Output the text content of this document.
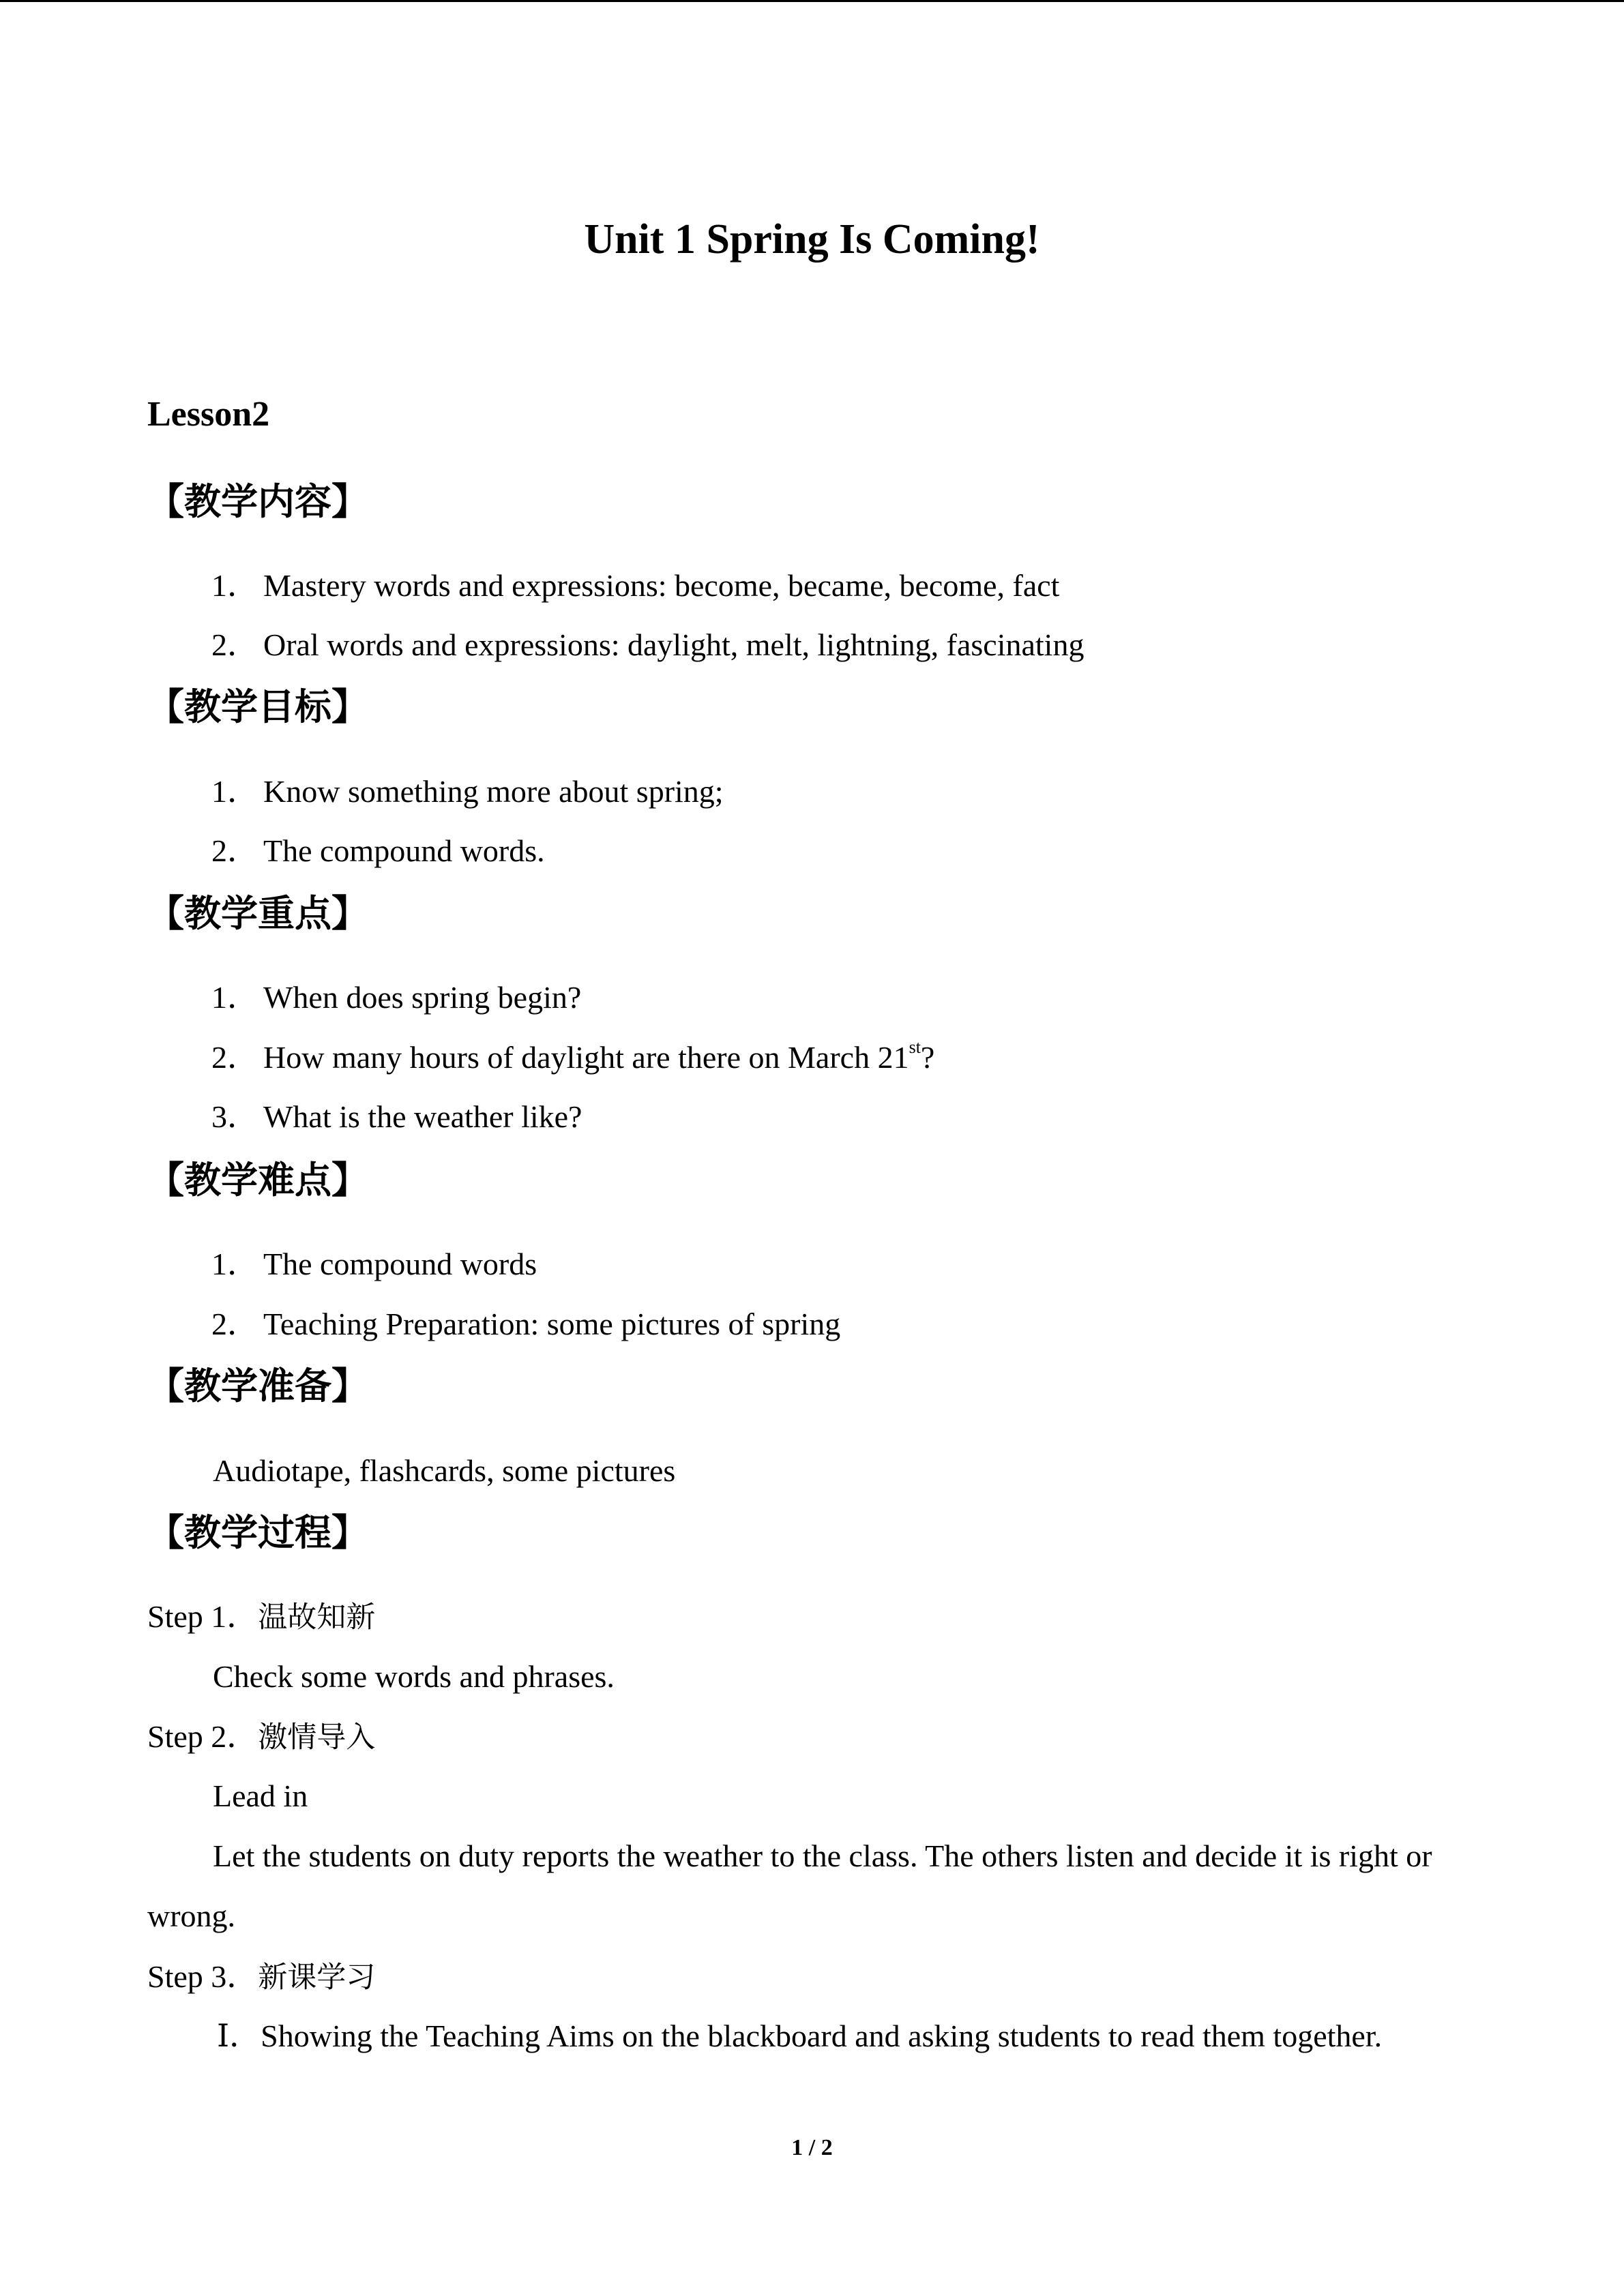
Unit 1 Spring Is Coming!
Lesson2
【教学内容】
1． Mastery words and expressions: become, became, become, fact
2． Oral words and expressions: daylight, melt, lightning, fascinating
【教学目标】
1． Know something more about spring;
2． The compound words.
【教学重点】
1． When does spring begin?
2． How many hours of daylight are there on March 21st?
3． What is the weather like?
【教学难点】
1． The compound words
2． Teaching Preparation: some pictures of spring
【教学准备】
Audiotape, flashcards, some pictures
【教学过程】
Step 1．温故知新
Check some words and phrases.
Step 2．激情导入
Lead in
Let the students on duty reports the weather to the class. The others listen and decide it is right or wrong.
Step 3．新课学习
Ⅰ．Showing the Teaching Aims on the blackboard and asking students to read them together.
1 / 2
